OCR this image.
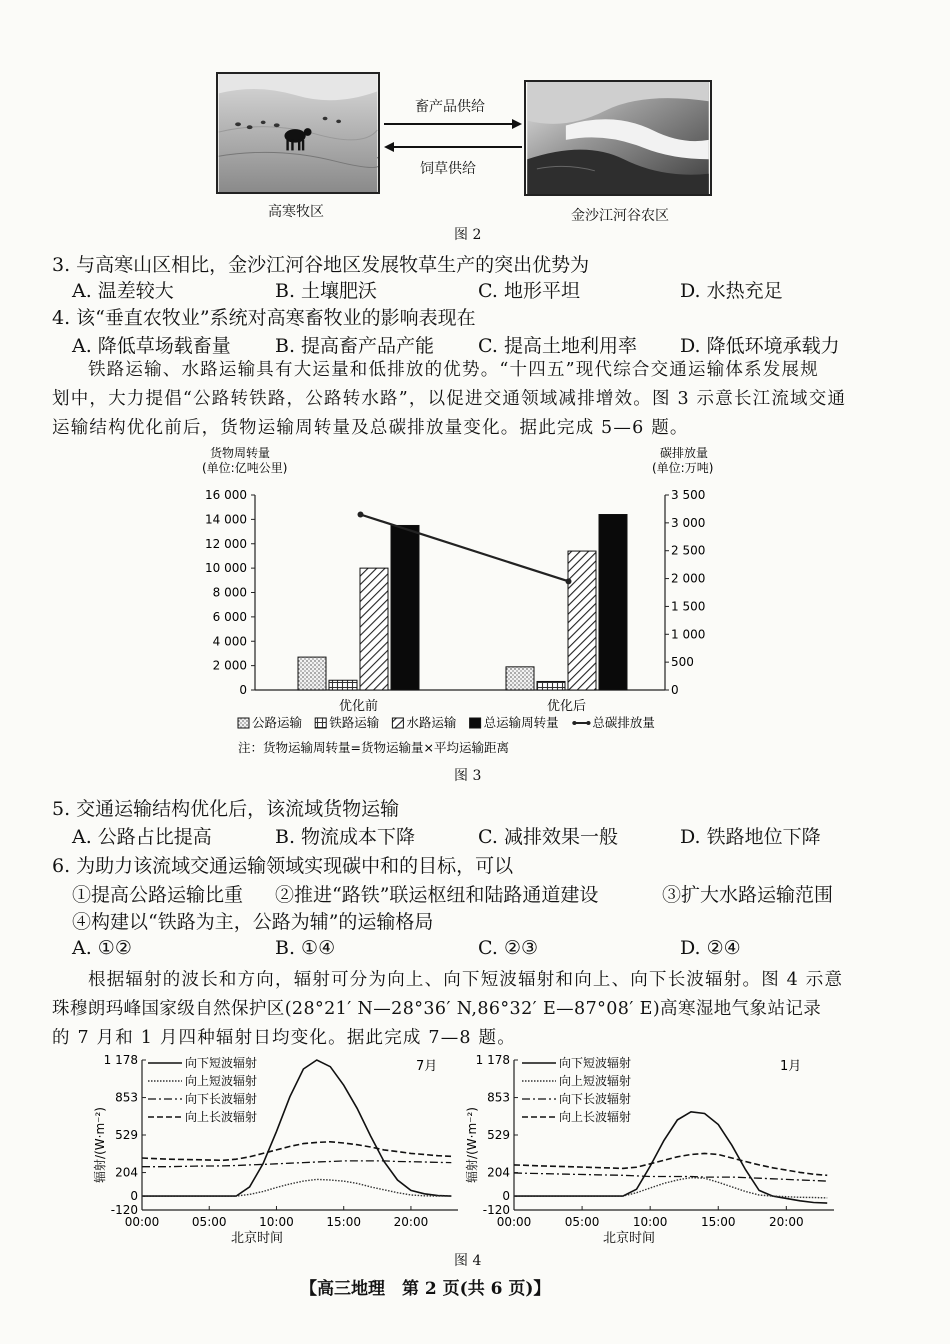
畜产品供给
饲草供给
高寒牧区	金沙江河谷农区
图 2
3. 与高寒山区相比，金沙江河谷地区发展牧草生产的突出优势为
A. 温差较大	B. 土壤肥沃	C. 地形平坦	D. 水热充足
4. 该“垂直农牧业”系统对高寒畜牧业的影响表现在
A. 降低草场载畜量 B. 提高畜产品产能 C. 提高土地利用率 D. 降低环境承载力
铁路运输、水路运输具有大运量和低排放的优势。“十四五”现代综合交通运输体系发展规
划中，大力提倡“公路转铁路，公路转水路”，以促进交通领域减排增效。图 3 示意长江流域交通
运输结构优化前后，货物运输周转量及总碳排放量变化。据此完成 5—6 题。
货物周转量
(单位:亿吨公里)
碳排放量
(单位:万吨)
16 000
14 000
12 000
10 000
8 000
6 000
4 000
2 000
0
3 500
3 000
2 500
2 000
1 500
1 000
500
0
优化前	优化后
公路运输 铁路运输 水路运输 总运输周转量	总碳排放量
注：货物运输周转量=货物运输量×平均运输距离
图 3
5. 交通运输结构优化后，该流域货物运输
A. 公路占比提高	B. 物流成本下降	C. 减排效果一般	D. 铁路地位下降
6. 为助力该流域交通运输领域实现碳中和的目标，可以
①提高公路运输比重 ②推进“路铁”联运枢纽和陆路通道建设	③扩大水路运输范围
④构建以“铁路为主，公路为辅”的运输格局
A. ①②	B. ①④	C. ②③	D. ②④
根据辐射的波长和方向，辐射可分为向上、向下短波辐射和向上、向下长波辐射。图 4 示意
珠穆朗玛峰国家级自然保护区(28°21′ N—28°36′ N,86°32′ E—87°08′ E)高寒湿地气象站记录
的 7 月和 1 月四种辐射日均变化。据此完成 7—8 题。
1 178
853
529
204
0
-120
00:00	05:00	10:00	15:00	20:00
北京时间
辐射/(W·m⁻²)
7月
向下短波辐射
向上短波辐射
向下长波辐射
向上长波辐射
1 178
853
529
204
0
-120
00:00	05:00	10:00	15:00	20:00
北京时间
辐射/(W·m⁻²)
1月
向下短波辐射
向上短波辐射
向下长波辐射
向上长波辐射
图 4
【高三地理　第 2 页(共 6 页)】
